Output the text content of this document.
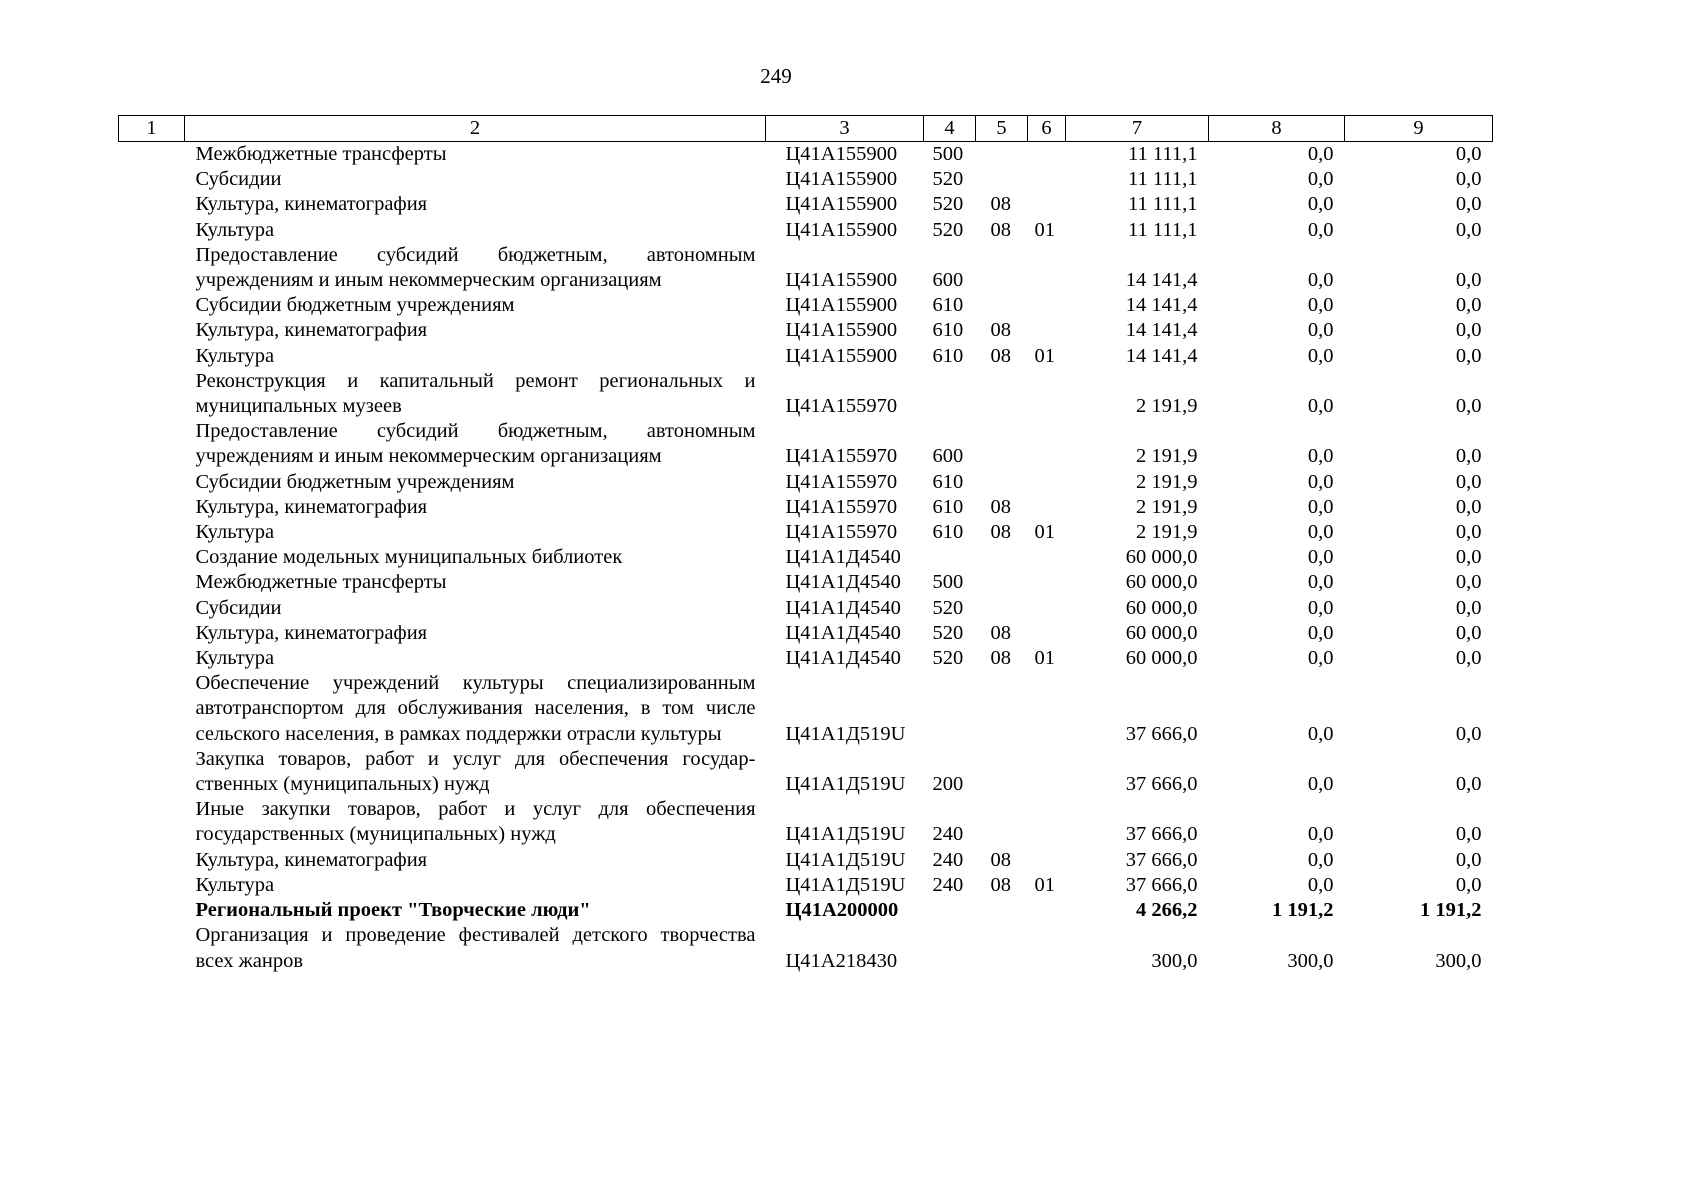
249
1	2	3	4	5	6	7	8	9
	Межбюджетные трансферты	Ц41А155900	500			11 111,1	0,0	0,0
	Субсидии	Ц41А155900	520			11 111,1	0,0	0,0
	Культура, кинематография	Ц41А155900	520	08		11 111,1	0,0	0,0
	Культура	Ц41А155900	520	08	01	11 111,1	0,0	0,0
	Предоставление субсидий бюджетным, автономным учреждениям и иным некоммерческим организациям	Ц41А155900	600			14 141,4	0,0	0,0
	Субсидии бюджетным учреждениям	Ц41А155900	610			14 141,4	0,0	0,0
	Культура, кинематография	Ц41А155900	610	08		14 141,4	0,0	0,0
	Культура	Ц41А155900	610	08	01	14 141,4	0,0	0,0
	Реконструкция и капитальный ремонт региональных и муниципальных музеев	Ц41А155970				2 191,9	0,0	0,0
	Предоставление субсидий бюджетным, автономным учреждениям и иным некоммерческим организациям	Ц41А155970	600			2 191,9	0,0	0,0
	Субсидии бюджетным учреждениям	Ц41А155970	610			2 191,9	0,0	0,0
	Культура, кинематография	Ц41А155970	610	08		2 191,9	0,0	0,0
	Культура	Ц41А155970	610	08	01	2 191,9	0,0	0,0
	Создание модельных муниципальных библиотек	Ц41А1Д4540				60 000,0	0,0	0,0
	Межбюджетные трансферты	Ц41А1Д4540	500			60 000,0	0,0	0,0
	Субсидии	Ц41А1Д4540	520			60 000,0	0,0	0,0
	Культура, кинематография	Ц41А1Д4540	520	08		60 000,0	0,0	0,0
	Культура	Ц41А1Д4540	520	08	01	60 000,0	0,0	0,0
	Обеспечение учреждений культуры специализированным автотранспортом для обслуживания населения, в том числе сельского населения, в рамках поддержки отрасли культуры	Ц41А1Д519U				37 666,0	0,0	0,0
	Закупка товаров, работ и услуг для обеспечения государственных (муниципальных) нужд	Ц41А1Д519U	200			37 666,0	0,0	0,0
	Иные закупки товаров, работ и услуг для обеспечения государственных (муниципальных) нужд	Ц41А1Д519U	240			37 666,0	0,0	0,0
	Культура, кинематография	Ц41А1Д519U	240	08		37 666,0	0,0	0,0
	Культура	Ц41А1Д519U	240	08	01	37 666,0	0,0	0,0
	Региональный проект "Творческие люди"	Ц41А200000				4 266,2	1 191,2	1 191,2
	Организация и проведение фестивалей детского творчества всех жанров	Ц41А218430				300,0	300,0	300,0
